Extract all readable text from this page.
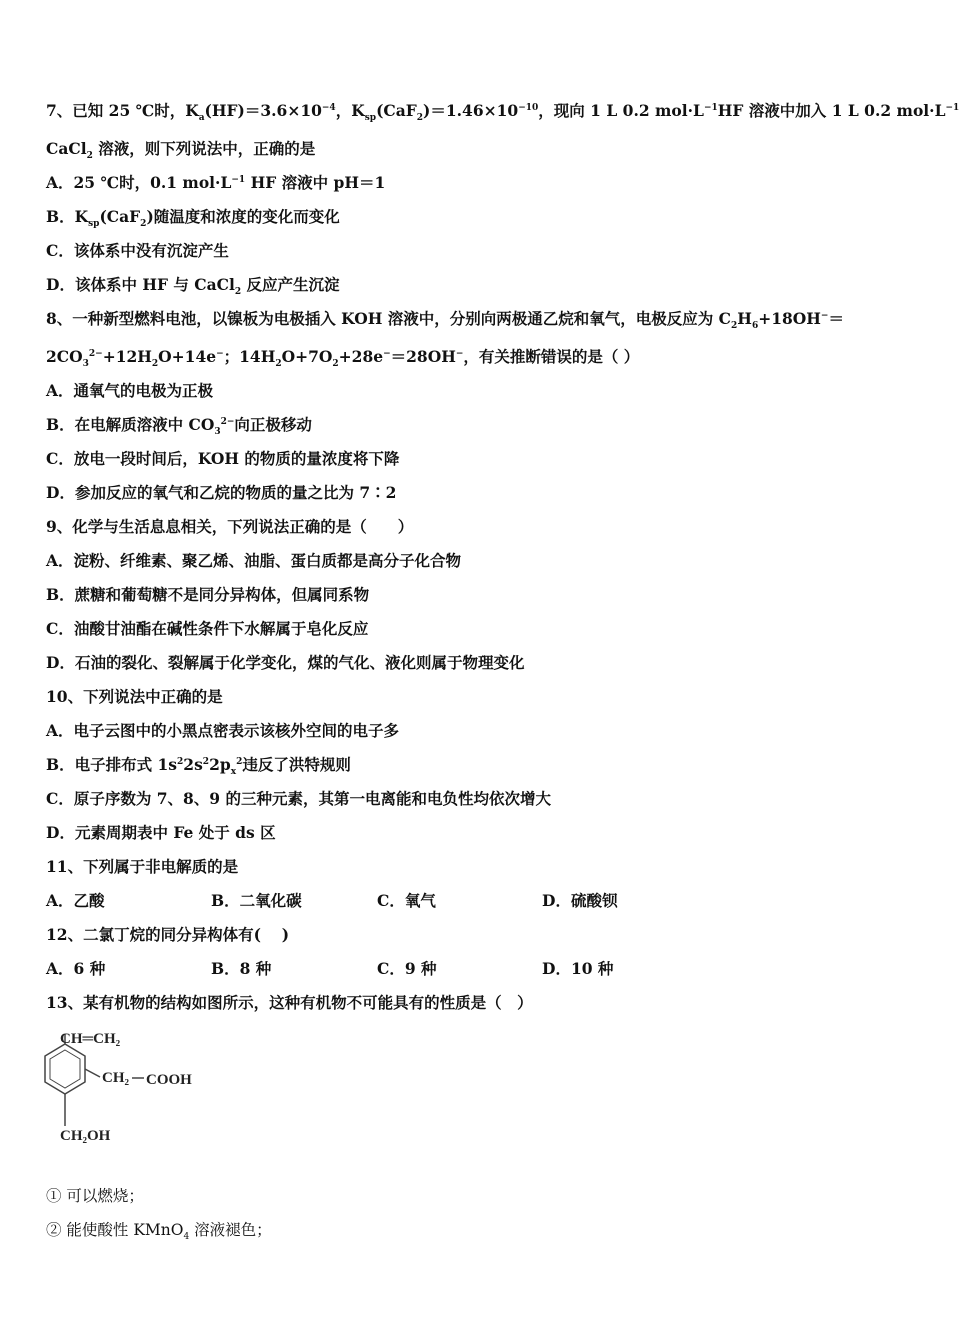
7、已知 25 ℃时，$K_a(HF)=3.6\times 10^{-4}$，$K_{sp}(CaF_2)=1.46\times 10^{-10}$，现向 1 L 0.2 $mol\cdot L^{-1}HF$ 溶液中加入 1 L 0.2 $mol\cdot L^{-1}$
CaCl$_2$ 溶液，则下列说法中，正确的是
A．25 ℃时，0.1 $mol\cdot L^{-1}$ HF 溶液中 pH＝1
B．$K_{sp}(CaF_2)$随温度和浓度的变化而变化
C．该体系中没有沉淀产生
D．该体系中 HF 与 CaCl$_2$ 反应产生沉淀
8、一种新型燃料电池，以镍板为电极插入 KOH 溶液中，分别向两极通乙烷和氧气，电极反应为 $C_2H_6+18OH^-=$
$2CO_3^{2-}+12H_2O+14e^-$；$14H_2O+7O_2+28e^-=28OH^-$，有关推断错误的是（ ）
A．通氧气的电极为正极
B．在电解质溶液中 $CO_3^{2-}$向正极移动
C．放电一段时间后，KOH 的物质的量浓度将下降
D．参加反应的氧气和乙烷的物质的量之比为 7∶2
9、化学与生活息息相关，下列说法正确的是（　　）
A．淀粉、纤维素、聚乙烯、油脂、蛋白质都是高分子化合物
B．蔗糖和葡萄糖不是同分异构体，但属同系物
C．油酸甘油酯在碱性条件下水解属于皂化反应
D．石油的裂化、裂解属于化学变化，煤的气化、液化则属于物理变化
10、下列说法中正确的是
A．电子云图中的小黑点密表示该核外空间的电子多
B．电子排布式 $1s^22s^22p_x^2$违反了洪特规则
C．原子序数为 7、8、9 的三种元素，其第一电离能和电负性均依次增大
D．元素周期表中 Fe 处于 ds 区
11、下列属于非电解质的是
A．乙酸	B．二氧化碳	C．氧气	D．硫酸钡
12、二氯丁烷的同分异构体有(　 )
A．6 种	B．8 种	C．9 种	D．10 种
13、某有机物的结构如图所示，这种有机物不可能具有的性质是（　）
CH═CH₂
CH₂ COOH
CH₂OH
① 可以燃烧；
② 能使酸性 KMnO$_4$ 溶液褪色；
